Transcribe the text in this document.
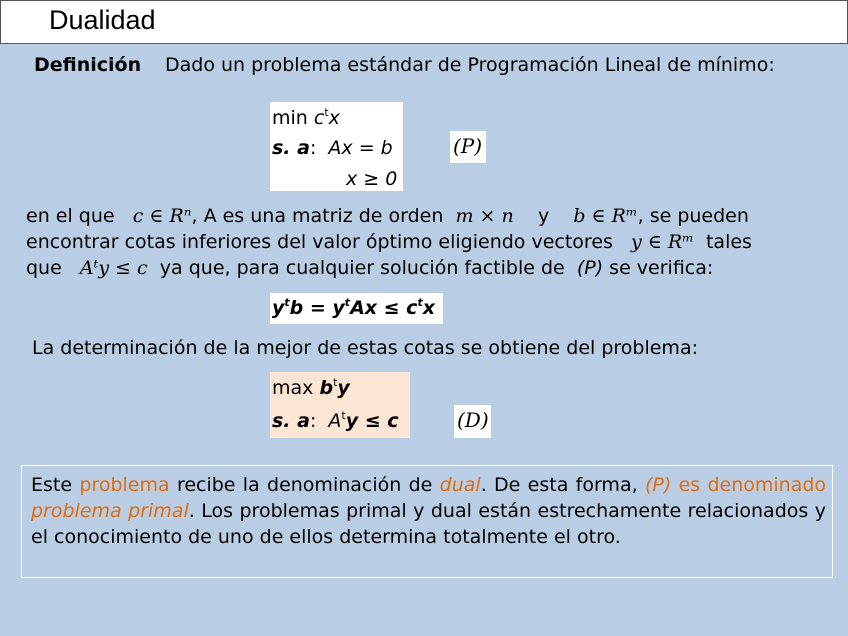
Dualidad
Definición Dado un problema estándar de Programación Lineal de mínimo:
$\min c^tx$
s. a: Ax = b
x ≥ 0
(P)
en el que c ∈ Rⁿ, A es una matriz de orden m × n y b ∈ Rᵐ, se pueden
encontrar cotas inferiores del valor óptimo eligiendo vectores y ∈ Rᵐ tales
que Aᵗy ≤ c ya que, para cualquier solución factible de (P) se verifica:
$y^tb = y^tAx \le c^tx$
La determinación de la mejor de estas cotas se obtiene del problema:
$\max b^ty$
s. a: $A^ty \le c$	(D)
Este problema recibe la denominación de dual. De esta forma, (P) es denominado problema primal. Los problemas primal y dual están estrechamente relacionados y el conocimiento de uno de ellos determina totalmente el otro.
